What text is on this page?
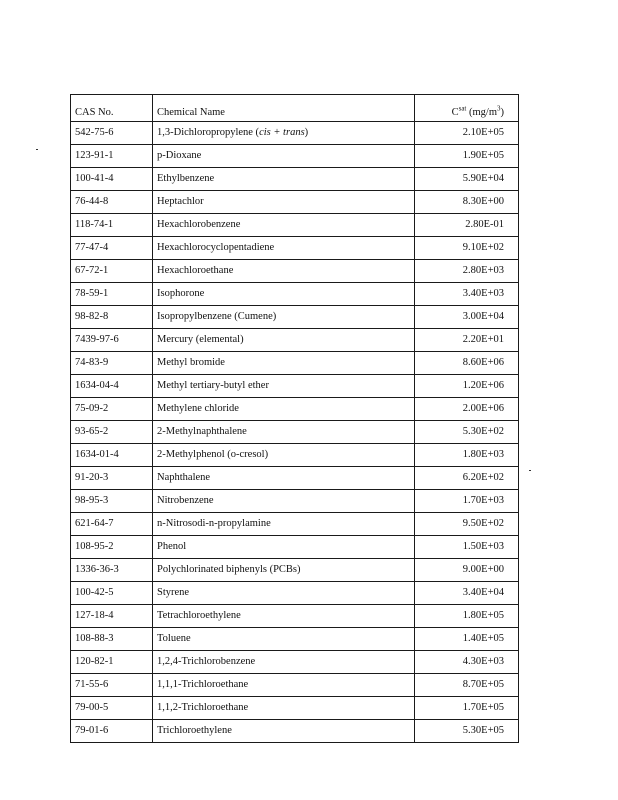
CAS No.	Chemical Name	$C^{sat}$ $(mg/m^3)$
542-75-6	1,3-Dichloropropylene (cis + trans)	2.10E+05
123-91-1	p-Dioxane	1.90E+05
100-41-4	Ethylbenzene	5.90E+04
76-44-8	Heptachlor	8.30E+00
118-74-1	Hexachlorobenzene	2.80E-01
77-47-4	Hexachlorocyclopentadiene	9.10E+02
67-72-1	Hexachloroethane	2.80E+03
78-59-1	Isophorone	3.40E+03
98-82-8	Isopropylbenzene (Cumene)	3.00E+04
7439-97-6	Mercury (elemental)	2.20E+01
74-83-9	Methyl bromide	8.60E+06
1634-04-4	Methyl tertiary-butyl ether	1.20E+06
75-09-2	Methylene chloride	2.00E+06
93-65-2	2-Methylnaphthalene	5.30E+02
1634-01-4	2-Methylphenol (o-cresol)	1.80E+03
91-20-3	Naphthalene	6.20E+02
98-95-3	Nitrobenzene	1.70E+03
621-64-7	n-Nitrosodi-n-propylamine	9.50E+02
108-95-2	Phenol	1.50E+03
1336-36-3	Polychlorinated biphenyls (PCBs)	9.00E+00
100-42-5	Styrene	3.40E+04
127-18-4	Tetrachloroethylene	1.80E+05
108-88-3	Toluene	1.40E+05
120-82-1	1,2,4-Trichlorobenzene	4.30E+03
71-55-6	1,1,1-Trichloroethane	8.70E+05
79-00-5	1,1,2-Trichloroethane	1.70E+05
79-01-6	Trichloroethylene	5.30E+05
